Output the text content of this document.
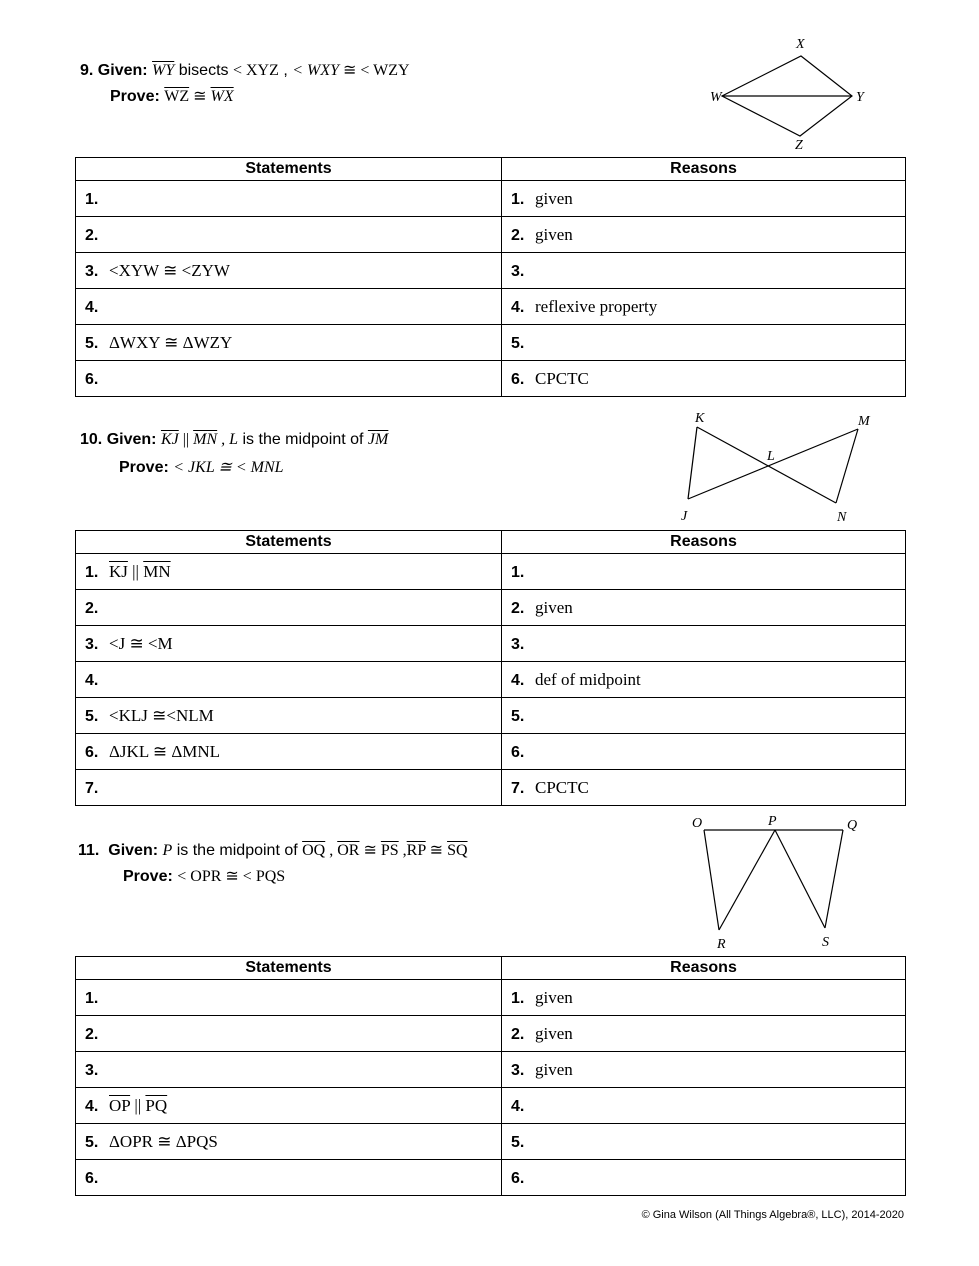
9. Given: $\overline{WY}$ bisects < XYZ , < WXY ≅ < WZY
Prove: $\overline{WZ}$ ≅ $\overline{WX}$
X
Y
Z
W
Statements	Reasons
1.	1. given
2.	2. given
3. <XYW ≅ <ZYW	3.
4.	4. reflexive property
5. ΔWXY ≅ ΔWZY	5.
6.	6. CPCTC
10. Given: $\overline{KJ}$ || $\overline{MN}$ , L is the midpoint of $\overline{JM}$
Prove: < JKL ≅ < MNL
K	M
L
J	N
Statements	Reasons
1. $\overline{KJ}$ || $\overline{MN}$	1.
2.	2. given
3. <J ≅ <M	3.
4.	4. def of midpoint
5. <KLJ ≅<NLM	5.
6. ΔJKL ≅ ΔMNL	6.
7.	7. CPCTC
11. Given: P is the midpoint of $\overline{OQ}$ , $\overline{OR}$ ≅ $\overline{PS}$ $,\overline{RP}$ ≅ $\overline{SQ}$
Prove: < OPR ≅ < PQS
O	P	Q
R	S
Statements	Reasons
1.	1. given
2.	2. given
3.	3. given
4. $\overline{OP}$ || $\overline{PQ}$	4.
5. ΔOPR ≅ ΔPQS	5.
6.	6.
© Gina Wilson (All Things Algebra®, LLC), 2014-2020
